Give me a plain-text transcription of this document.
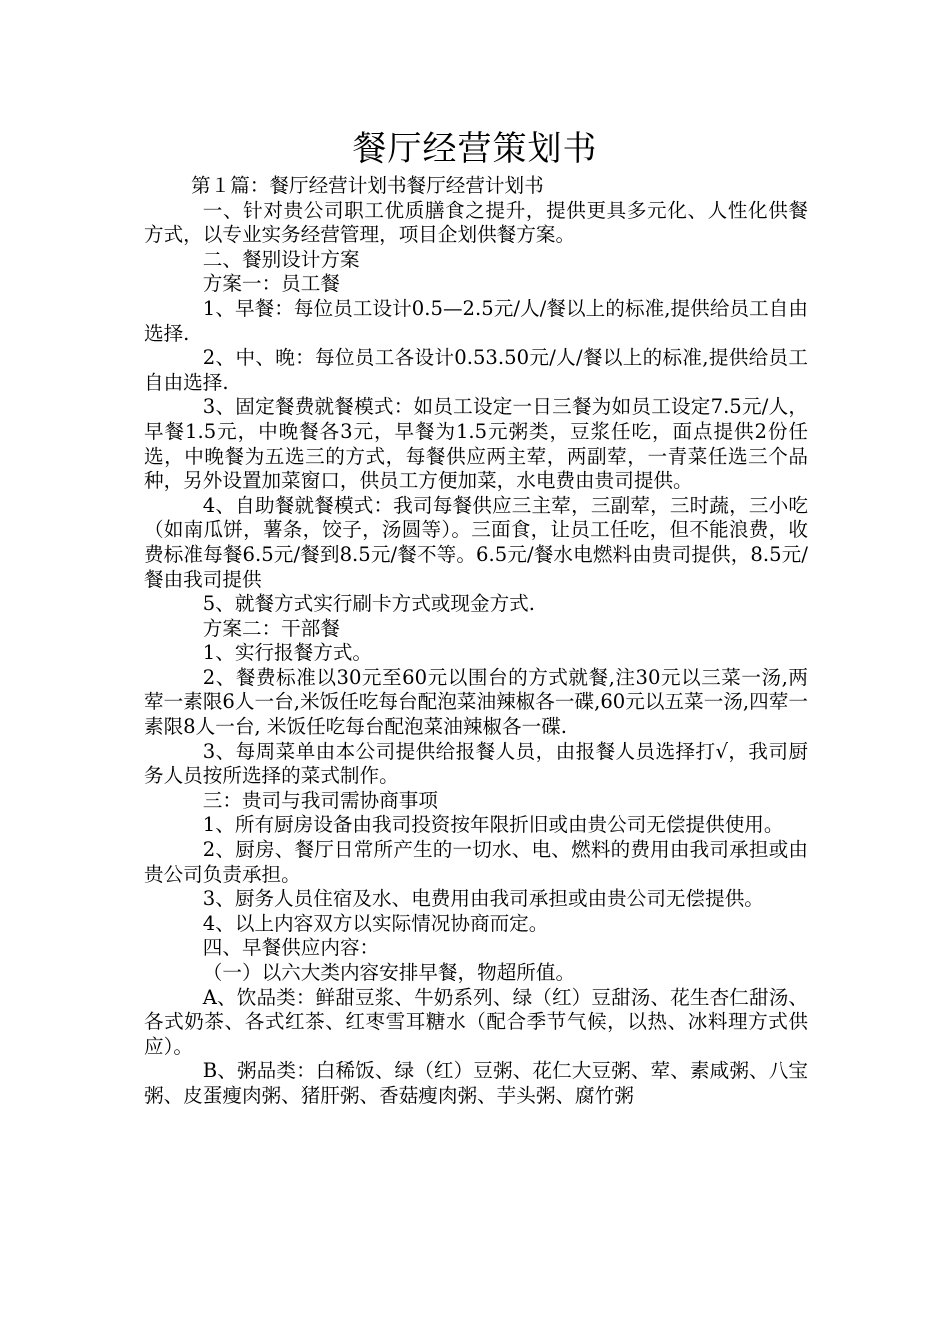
餐厅经营策划书

第１篇：餐厅经营计划书餐厅经营计划书

一、针对贵公司职工优质膳食之提升，提供更具多元化、人性化供餐方式，以专业实务经营管理，项目企划供餐方案。

二、餐别设计方案

方案一：员工餐

1、早餐：每位员工设计0.5—2.5元/人/餐以上的标准,提供给员工自由选择.

2、中、晚：每位员工各设计0.53.50元/人/餐以上的标准,提供给员工自由选择.

3、固定餐费就餐模式：如员工设定一日三餐为如员工设定7.5元/人，早餐1.5元，中晚餐各3元，早餐为1.5元粥类，豆浆任吃，面点提供2份任选，中晚餐为五选三的方式，每餐供应两主荤，两副荤，一青菜任选三个品种，另外设置加菜窗口，供员工方便加菜，水电费由贵司提供。

4、自助餐就餐模式：我司每餐供应三主荤，三副荤，三时蔬，三小吃（如南瓜饼，薯条，饺子，汤圆等）。三面食，让员工任吃，但不能浪费，收费标准每餐6.5元/餐到8.5元/餐不等。6.5元/餐水电燃料由贵司提供，8.5元/餐由我司提供

5、就餐方式实行刷卡方式或现金方式.

方案二：干部餐

1、实行报餐方式。

2、餐费标准以30元至60元以围台的方式就餐,注30元以三菜一汤,两荤一素限6人一台,米饭任吃每台配泡菜油辣椒各一碟,60元以五菜一汤,四荤一素限8人一台, 米饭任吃每台配泡菜油辣椒各一碟.

3、每周菜单由本公司提供给报餐人员，由报餐人员选择打√，我司厨务人员按所选择的菜式制作。

三：贵司与我司需协商事项

1、所有厨房设备由我司投资按年限折旧或由贵公司无偿提供使用。

2、厨房、餐厅日常所产生的一切水、电、燃料的费用由我司承担或由贵公司负责承担。

3、厨务人员住宿及水、电费用由我司承担或由贵公司无偿提供。

4、以上内容双方以实际情况协商而定。

四、早餐供应内容：

（一）以六大类内容安排早餐，物超所值。

A、饮品类：鲜甜豆浆、牛奶系列、绿（红）豆甜汤、花生杏仁甜汤、各式奶茶、各式红茶、红枣雪耳糖水（配合季节气候，以热、冰料理方式供应）。

B、粥品类：白稀饭、绿（红）豆粥、花仁大豆粥、荤、素咸粥、八宝粥、皮蛋瘦肉粥、猪肝粥、香菇瘦肉粥、芋头粥、腐竹粥
